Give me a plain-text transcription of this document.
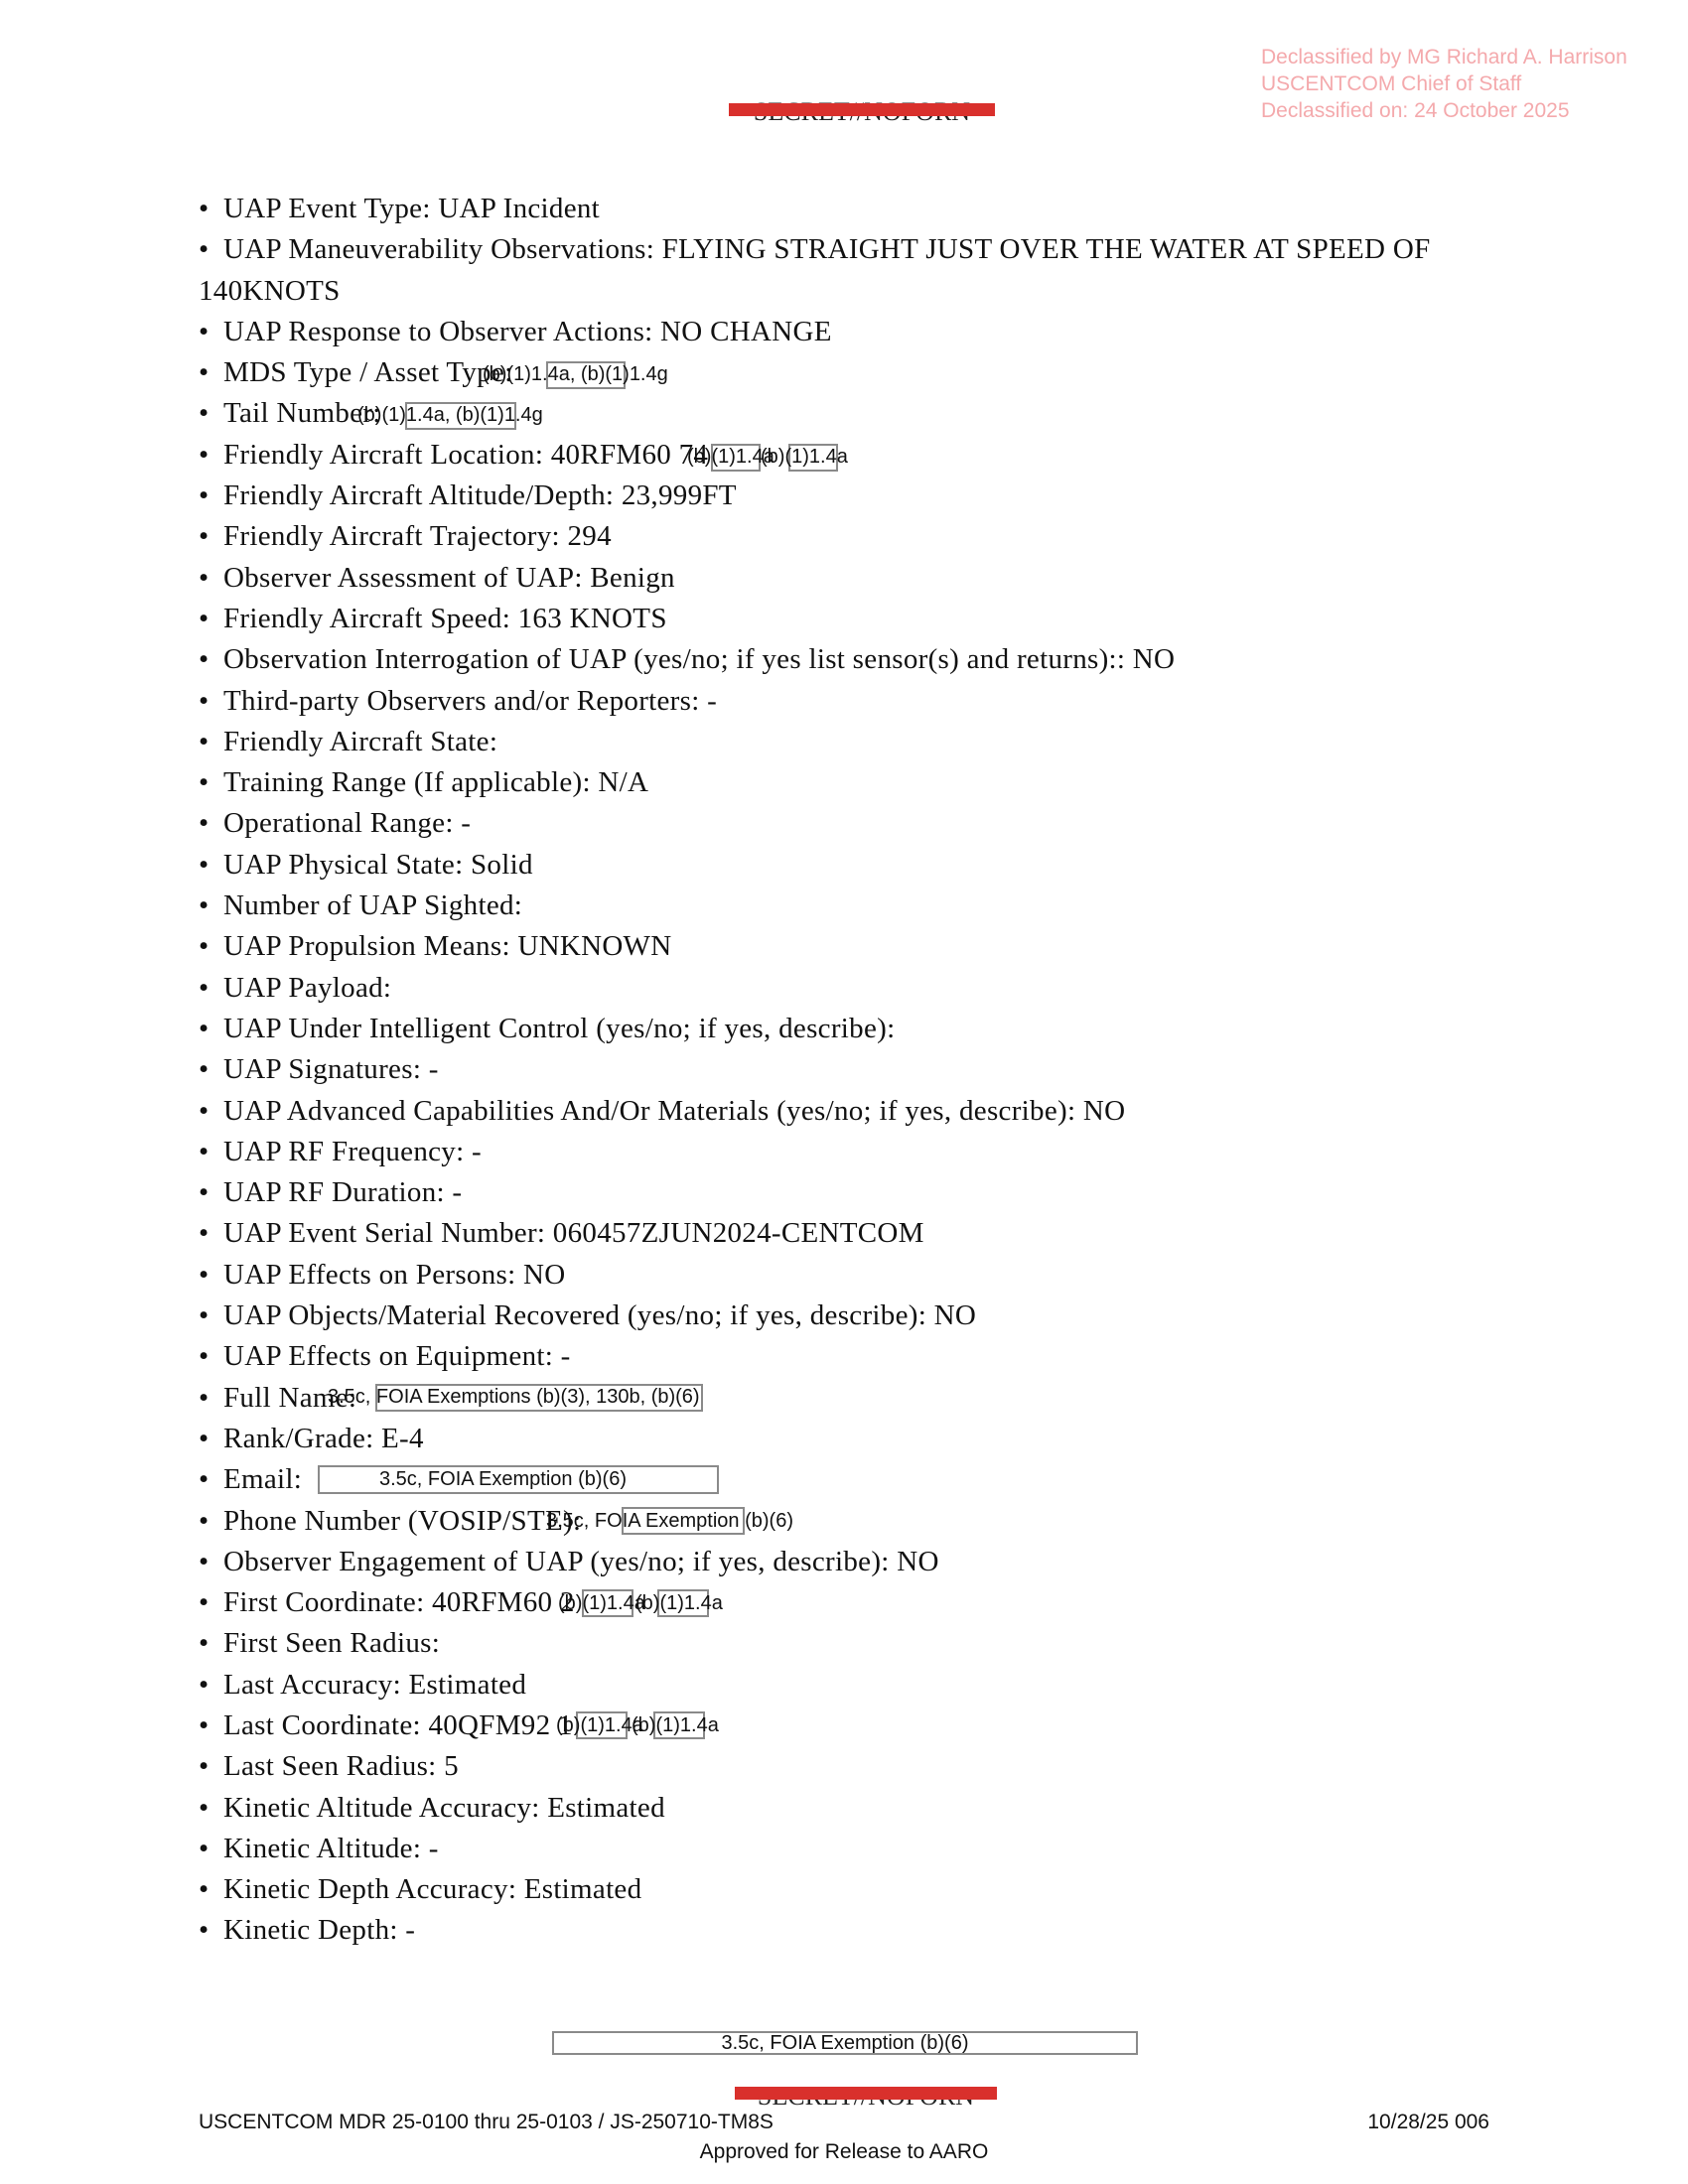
Declassified by MG Richard A. Harrison
USCENTCOM Chief of Staff
Declassified on: 24 October 2025
• UAP Event Type: UAP Incident
• UAP Maneuverability Observations: FLYING STRAIGHT JUST OVER THE WATER AT SPEED OF 140KNOTS
• UAP Response to Observer Actions: NO CHANGE
• MDS Type / Asset Type:
• Tail Number:
• Friendly Aircraft Location: 40RFM60 74
• Friendly Aircraft Altitude/Depth: 23,999FT
• Friendly Aircraft Trajectory: 294
• Observer Assessment of UAP: Benign
• Friendly Aircraft Speed: 163 KNOTS
• Observation Interrogation of UAP (yes/no; if yes list sensor(s) and returns):: NO
• Third-party Observers and/or Reporters: -
• Friendly Aircraft State:
• Training Range (If applicable): N/A
• Operational Range: -
• UAP Physical State: Solid
• Number of UAP Sighted:
• UAP Propulsion Means: UNKNOWN
• UAP Payload:
• UAP Under Intelligent Control (yes/no; if yes, describe):
• UAP Signatures: -
• UAP Advanced Capabilities And/Or Materials (yes/no; if yes, describe): NO
• UAP RF Frequency: -
• UAP RF Duration: -
• UAP Event Serial Number: 060457ZJUN2024-CENTCOM
• UAP Effects on Persons: NO
• UAP Objects/Material Recovered (yes/no; if yes, describe): NO
• UAP Effects on Equipment: -
• Full Name:
• Rank/Grade: E-4
• Email:
• Phone Number (VOSIP/STE):
• Observer Engagement of UAP (yes/no; if yes, describe): NO
• First Coordinate: 40RFM60 2
• First Seen Radius:
• Last Accuracy: Estimated
• Last Coordinate: 40QFM92 1
• Last Seen Radius: 5
• Kinetic Altitude Accuracy: Estimated
• Kinetic Altitude: -
• Kinetic Depth Accuracy: Estimated
• Kinetic Depth: -
(b)(1)1.4a, (b)(1)1.4g
(b)(1)1.4a, (b)(1)1.4g
(b)(1)1.4a
(b)(1)1.4a
3.5c, FOIA Exemptions (b)(3), 130b, (b)(6)
3.5c, FOIA Exemption (b)(6)
3.5c, FOIA Exemption (b)(6)
(b)(1)1.4a
(b)(1)1.4a
(b)(1)1.4a
(b)(1)1.4a
3.5c, FOIA Exemption (b)(6)
USCENTCOM MDR 25-0100 thru 25-0103 / JS-250710-TM8S	10/28/25 006
Approved for Release to AARO
